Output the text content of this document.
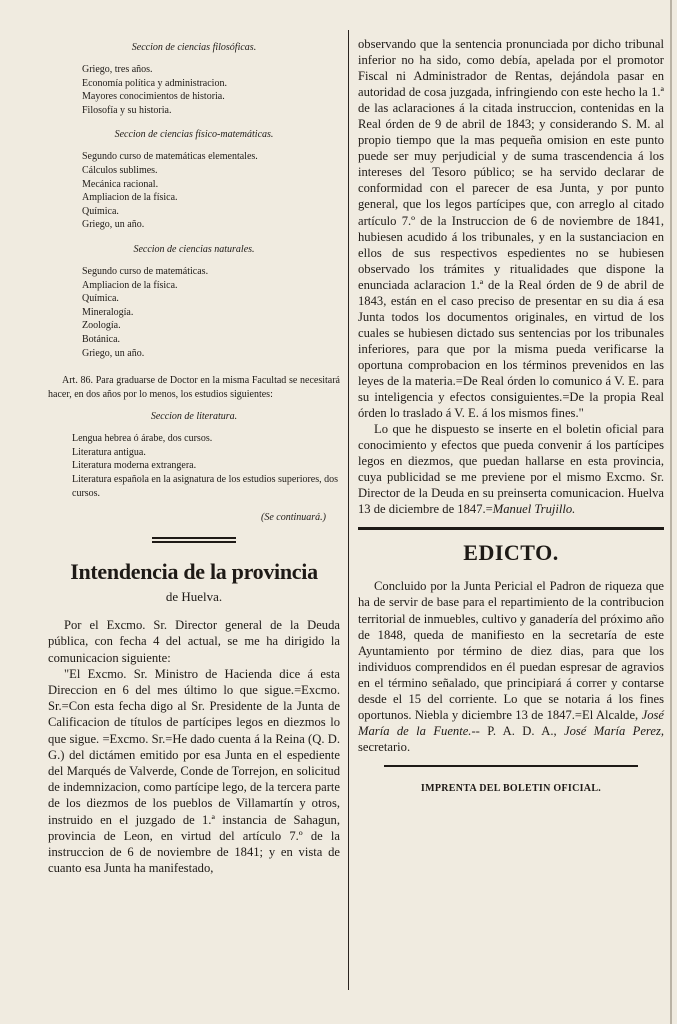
Seccion de ciencias filosóficas.
Griego, tres años.
Economía política y administracion.
Mayores conocimientos de historia.
Filosofía y su historia.
Seccion de ciencias físico-matemáticas.
Segundo curso de matemáticas elementales.
Cálculos sublimes.
Mecánica racional.
Ampliacion de la física.
Química.
Griego, un año.
Seccion de ciencias naturales.
Segundo curso de matemáticas.
Ampliacion de la física.
Química.
Mineralogía.
Zoología.
Botánica.
Griego, un año.

Art. 86. Para graduarse de Doctor en la misma Facultad se necesitará hacer, en dos años por lo menos, los estudios siguientes:

Seccion de literatura.
Lengua hebrea ó árabe, dos cursos.
Literatura antigua.
Literatura moderna extrangera.
Literatura española en la asignatura de los estudios superiores, dos cursos.
(Se continuará.)
Intendencia de la provincia
de Huelva.

Por el Excmo. Sr. Director general de la Deuda pública, con fecha 4 del actual, se me ha dirigido la comunicacion siguiente:

"El Excmo. Sr. Ministro de Hacienda dice á esta Direccion en 6 del mes último lo que sigue.=Excmo. Sr.=Con esta fecha digo al Sr. Presidente de la Junta de Calificacion de títulos de partícipes legos en diezmos lo que sigue. =Excmo. Sr.=He dado cuenta á la Reina (Q. D. G.) del dictámen emitido por esa Junta en el espediente del Marqués de Valverde, Conde de Torrejon, en solicitud de indemnizacion, como partícipe lego, de la tercera parte de los diezmos de los pueblos de Villamartín y otros, instruido en el juzgado de 1.ª instancia de Sahagun, provincia de Leon, en virtud del artículo 7.º de la instruccion de 6 de noviembre de 1841; y en vista de cuanto esa Junta ha manifestado,

observando que la sentencia pronunciada por dicho tribunal inferior no ha sido, como debía, apelada por el promotor Fiscal ni Administrador de Rentas, dejándola pasar en autoridad de cosa juzgada, infringiendo con este hecho la 1.ª de las aclaraciones á la citada instruccion, contenidas en la Real órden de 9 de abril de 1843; y considerando S. M. al propio tiempo que la mas pequeña omision en este punto puede ser muy perjudicial y de suma trascendencia á los intereses del Tesoro público; se ha servido declarar de conformidad con el parecer de esa Junta, y por punto general, que los legos partícipes que, con arreglo al citado artículo 7.º de la Instruccion de 6 de noviembre de 1841, hubiesen acudido á los tribunales, y en la sustanciacion en ellos de sus respectivos espedientes no se hubiesen observado los trámites y ritualidades que dispone la enunciada aclaracion 1.ª de la Real órden de 9 de abril de 1843, están en el caso preciso de presentar en su dia á esa Junta todos los documentos originales, en virtud de los cuales se hubiesen dictado sus sentencias por los tribunales inferiores, para que por la misma pueda verificarse la oportuna comprobacion en los términos prevenidos en las leyes de la materia.=De Real órden lo comunico á V. E. para su inteligencia y efectos consiguientes.=De la propia Real órden lo traslado á V. E. á los mismos fines."

Lo que he dispuesto se inserte en el boletin oficial para conocimiento y efectos que pueda convenir á los partícipes legos en diezmos, que puedan hallarse en esta provincia, cuya publicidad se me previene por el mismo Excmo. Sr. Director de la Deuda en su preinserta comunicacion. Huelva 13 de diciembre de 1847.=Manuel Trujillo.

EDICTO.

Concluido por la Junta Pericial el Padron de riqueza que ha de servir de base para el repartimiento de la contribucion territorial de inmuebles, cultivo y ganadería del próximo año de 1848, queda de manifiesto en la secretaría de este Ayuntamiento por término de diez dias, para que los individuos comprendidos en él puedan espresar de agravios en el término señalado, que principiará á correr y contarse desde el 15 del corriente. Lo que se notaria á los fines oportunos. Niebla y diciembre 13 de 1847.=El Alcalde, José María de la Fuente.-- P. A. D. A., José María Perez, secretario.

IMPRENTA DEL BOLETIN OFICIAL.
